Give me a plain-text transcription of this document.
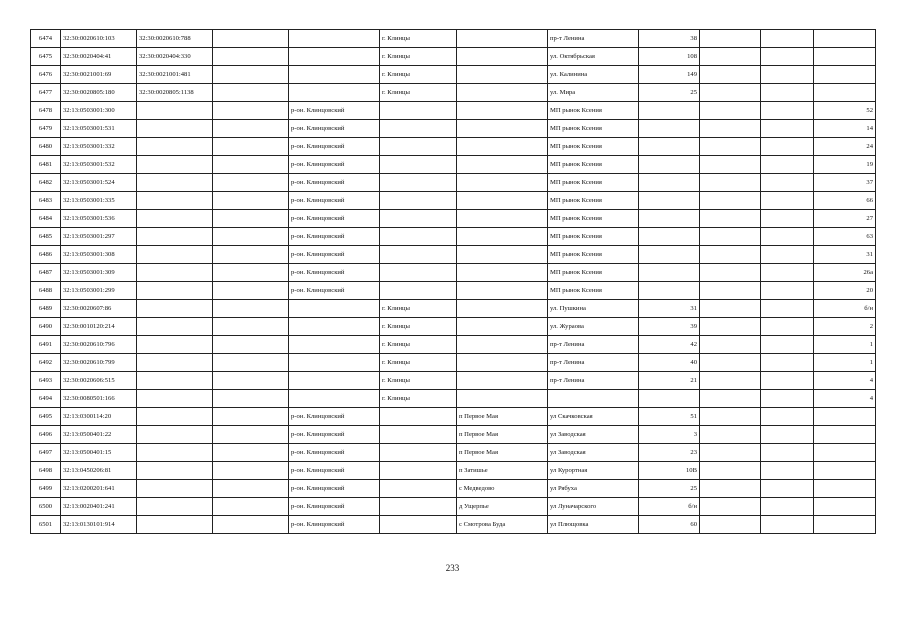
6474	32:30:0020610:103	32:30:0020610:788			г. Клинцы		пр-т Ленина	38			
6475	32:30:0020404:41	32:30:0020404:330			г. Клинцы		ул. Октябрьская	108			
6476	32:30:0021001:69	32:30:0021001:481			г. Клинцы		ул. Калинина	149			
6477	32:30:0020805:180	32:30:0020805:1138			г. Клинцы		ул. Мира	25			
6478	32:13:0503001:300			р-он. Клинцовский			МП рынок Ксения				52
6479	32:13:0503001:531			р-он. Клинцовский			МП рынок Ксения				14
6480	32:13:0503001:332			р-он. Клинцовский			МП рынок Ксения				24
6481	32:13:0503001:532			р-он. Клинцовский			МП рынок Ксения				19
6482	32:13:0503001:524			р-он. Клинцовский			МП рынок Ксения				37
6483	32:13:0503001:335			р-он. Клинцовский			МП рынок Ксения				66
6484	32:13:0503001:536			р-он. Клинцовский			МП рынок Ксения				27
6485	32:13:0503001:297			р-он. Клинцовский			МП рынок Ксения				63
6486	32:13:0503001:308			р-он. Клинцовский			МП рынок Ксения				31
6487	32:13:0503001:309			р-он. Клинцовский			МП рынок Ксения				26а
6488	32:13:0503001:299			р-он. Клинцовский			МП рынок Ксения				20
6489	32:30:0020607:86				г. Клинцы		ул. Пушкина	31			б/н
6490	32:30:0010120:214				г. Клинцы		ул. Жураова	39			2
6491	32:30:0020610:796				г. Клинцы		пр-т Ленина	42			1
6492	32:30:0020610:799				г. Клинцы		пр-т Ленина	40			1
6493	32:30:0020606:515				г. Клинцы		пр-т Ленина	21			4
6494	32:30:0080501:166				г. Клинцы						4
6495	32:13:0300114:20			р-он. Клинцовский		п Первое Мая	ул Скачковская	51			
6496	32:13:0500401:22			р-он. Клинцовский		п Первое Мая	ул Заводская	3			
6497	32:13:0500401:15			р-он. Клинцовский		п Первое Мая	ул Заводская	23			
6498	32:13:0450206:81			р-он. Клинцовский		п Затишье	ул Курортная	10В			
6499	32:13:0200201:641			р-он. Клинцовский		с Медведово	ул Рябуха	25			
6500	32:13:0020401:241			р-он. Клинцовский		д Ущерпье	ул Луначарского	б/н			
6501	32:13:0130101:914			р-он. Клинцовский		с Смотрова Буда	ул Плющовка	60			
233
